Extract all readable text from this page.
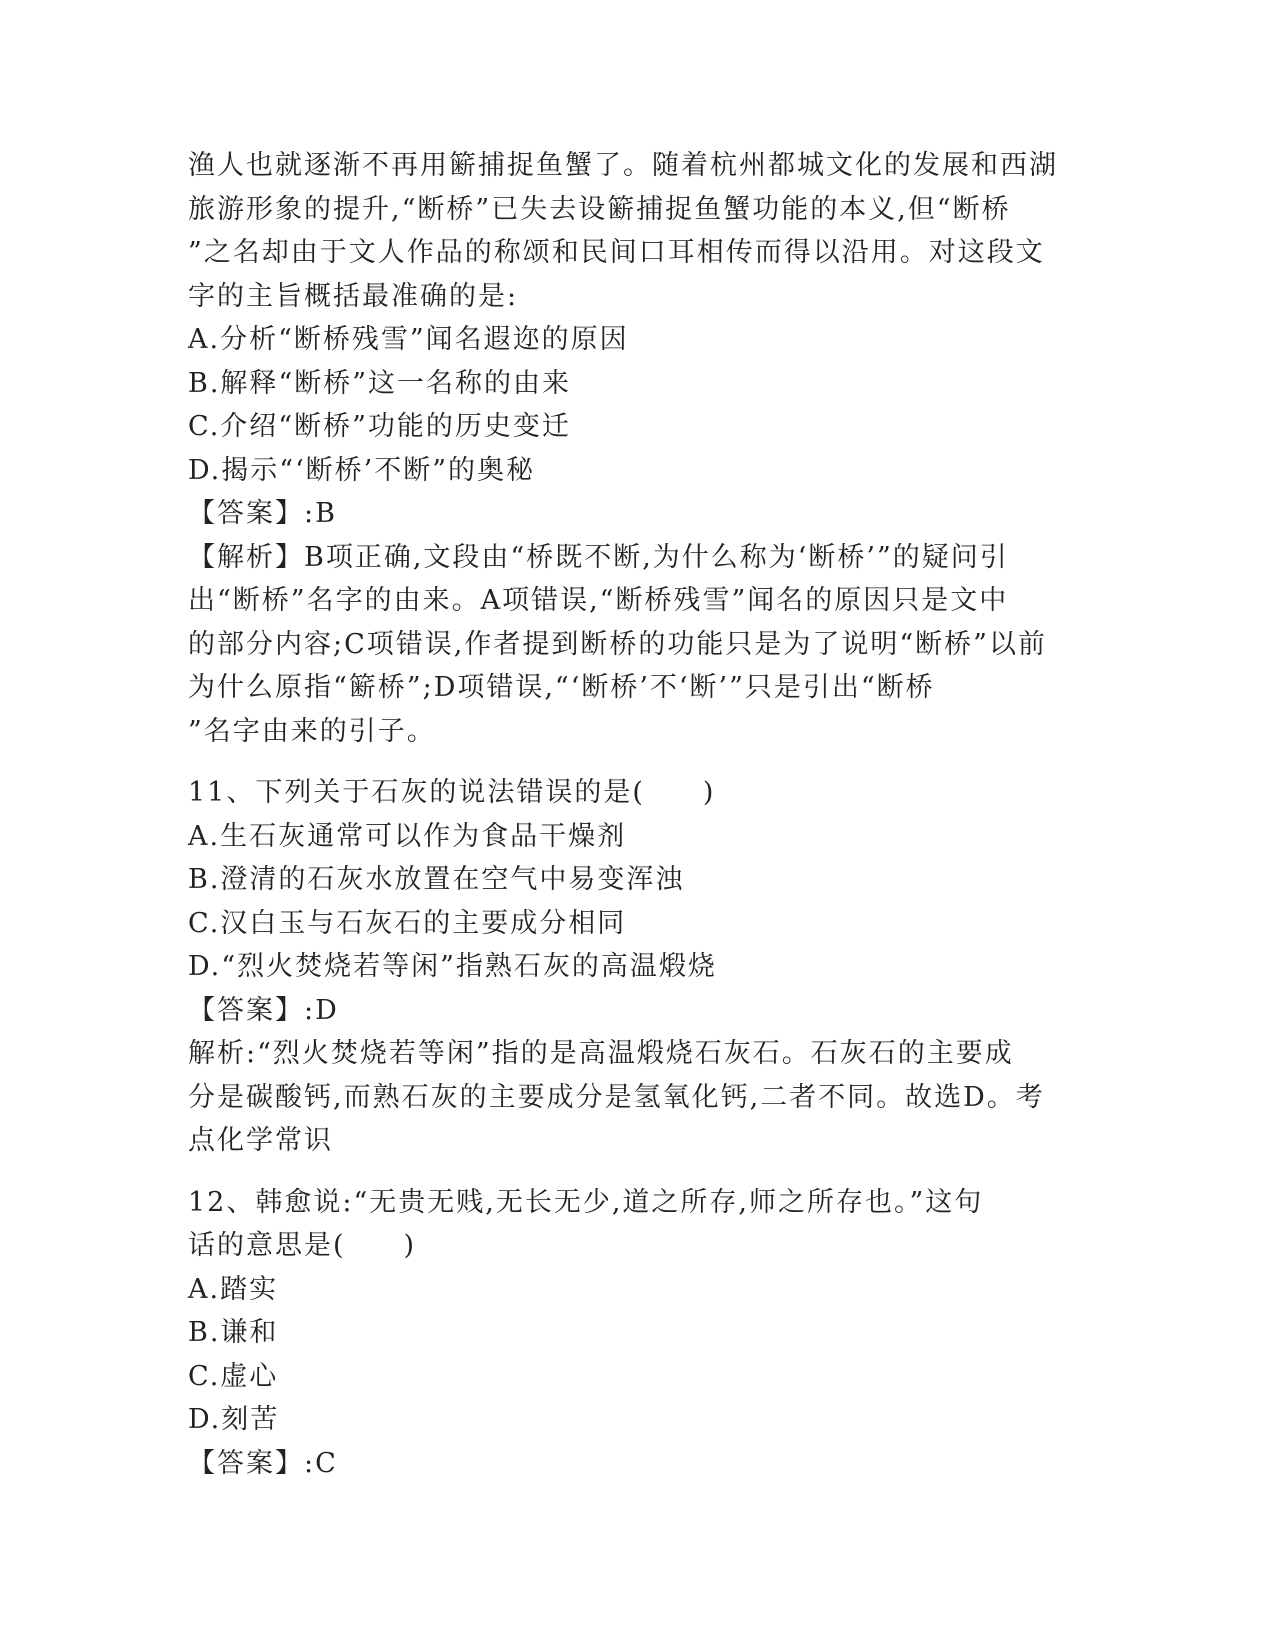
渔人也就逐渐不再用簖捕捉鱼蟹了。随着杭州都城文化的发展和西湖
旅游形象的提升,“断桥”已失去设簖捕捉鱼蟹功能的本义,但“断桥
”之名却由于文人作品的称颂和民间口耳相传而得以沿用。对这段文
字的主旨概括最准确的是:
A.分析“断桥残雪”闻名遐迩的原因
B.解释“断桥”这一名称的由来
C.介绍“断桥”功能的历史变迁
D.揭示“‘断桥’不断”的奥秘
【答案】:B
【解析】B项正确,文段由“桥既不断,为什么称为‘断桥’”的疑问引
出“断桥”名字的由来。A项错误,“断桥残雪”闻名的原因只是文中
的部分内容;C项错误,作者提到断桥的功能只是为了说明“断桥”以前
为什么原指“簖桥”;D项错误,“‘断桥’不‘断’”只是引出“断桥
”名字由来的引子。
11、下列关于石灰的说法错误的是(　　)
A.生石灰通常可以作为食品干燥剂
B.澄清的石灰水放置在空气中易变浑浊
C.汉白玉与石灰石的主要成分相同
D.“烈火焚烧若等闲”指熟石灰的高温煅烧
【答案】:D
解析:“烈火焚烧若等闲”指的是高温煅烧石灰石。石灰石的主要成
分是碳酸钙,而熟石灰的主要成分是氢氧化钙,二者不同。故选D。考
点化学常识
12、韩愈说:“无贵无贱,无长无少,道之所存,师之所存也。”这句
话的意思是(　　)
A.踏实
B.谦和
C.虚心
D.刻苦
【答案】:C
